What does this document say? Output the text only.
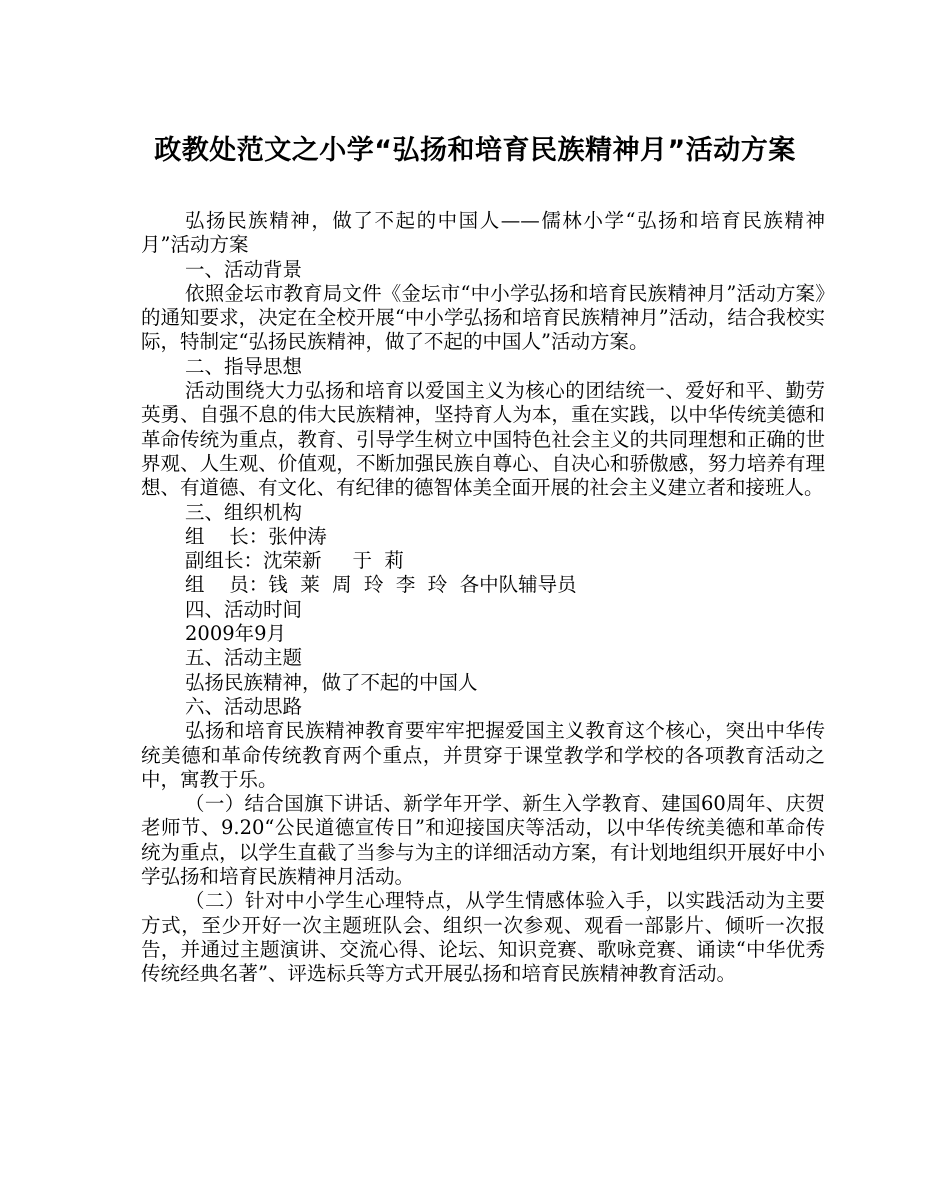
政教处范文之小学“弘扬和培育民族精神月”活动方案

弘扬民族精神，做了不起的中国人——儒林小学“弘扬和培育民族精神月”活动方案

一、活动背景

依照金坛市教育局文件《金坛市“中小学弘扬和培育民族精神月”活动方案》的通知要求，决定在全校开展“中小学弘扬和培育民族精神月”活动，结合我校实际，特制定“弘扬民族精神，做了不起的中国人”活动方案。

二、指导思想

活动围绕大力弘扬和培育以爱国主义为核心的团结统一、爱好和平、勤劳英勇、自强不息的伟大民族精神，坚持育人为本，重在实践，以中华传统美德和革命传统为重点，教育、引导学生树立中国特色社会主义的共同理想和正确的世界观、人生观、价值观，不断加强民族自尊心、自决心和骄傲感，努力培养有理想、有道德、有文化、有纪律的德智体美全面开展的社会主义建立者和接班人。

三、组织机构

组    长：张仲涛
副组长：沈荣新     于  莉
组    员：钱  莱  周  玲  李  玲  各中队辅导员

四、活动时间

2009年9月

五、活动主题

弘扬民族精神，做了不起的中国人

六、活动思路

弘扬和培育民族精神教育要牢牢把握爱国主义教育这个核心，突出中华传统美德和革命传统教育两个重点，并贯穿于课堂教学和学校的各项教育活动之中，寓教于乐。

（一）结合国旗下讲话、新学年开学、新生入学教育、建国60周年、庆贺老师节、9.20“公民道德宣传日”和迎接国庆等活动，以中华传统美德和革命传统为重点，以学生直截了当参与为主的详细活动方案，有计划地组织开展好中小学弘扬和培育民族精神月活动。

（二）针对中小学生心理特点，从学生情感体验入手，以实践活动为主要方式，至少开好一次主题班队会、组织一次参观、观看一部影片、倾听一次报告，并通过主题演讲、交流心得、论坛、知识竞赛、歌咏竞赛、诵读“中华优秀传统经典名著”、评选标兵等方式开展弘扬和培育民族精神教育活动。
